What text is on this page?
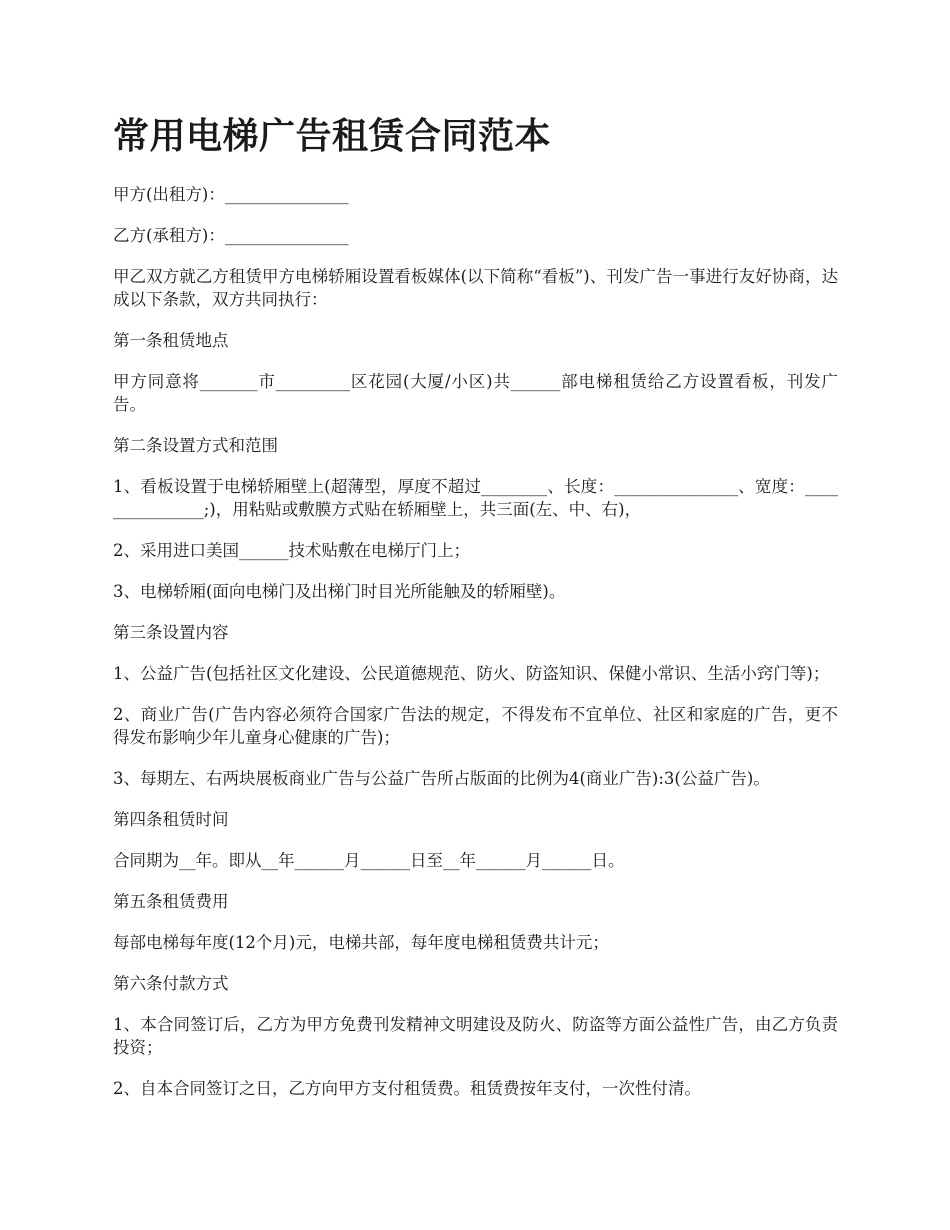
常用电梯广告租赁合同范本

甲方(出租方)：_______________

乙方(承租方)：_______________

甲乙双方就乙方租赁甲方电梯轿厢设置看板媒体(以下简称“看板”)、刊发广告一事进行友好协商，达成以下条款，双方共同执行：

第一条租赁地点

甲方同意将_______市_________区花园(大厦/小区)共______部电梯租赁给乙方设置看板，刊发广告。

第二条设置方式和范围

1、看板设置于电梯轿厢壁上(超薄型，厚度不超过________、长度：_______________、宽度：_______________;)，用粘贴或敷膜方式贴在轿厢壁上，共三面(左、中、右)，

2、采用进口美国______技术贴敷在电梯厅门上；

3、电梯轿厢(面向电梯门及出梯门时目光所能触及的轿厢壁)。

第三条设置内容

1、公益广告(包括社区文化建设、公民道德规范、防火、防盗知识、保健小常识、生活小窍门等)；

2、商业广告(广告内容必须符合国家广告法的规定，不得发布不宜单位、社区和家庭的广告，更不得发布影响少年儿童身心健康的广告)；

3、每期左、右两块展板商业广告与公益广告所占版面的比例为4(商业广告):3(公益广告)。

第四条租赁时间

合同期为__年。即从__年______月______日至__年______月______日。

第五条租赁费用

每部电梯每年度(12个月)元，电梯共部，每年度电梯租赁费共计元；

第六条付款方式

1、本合同签订后，乙方为甲方免费刊发精神文明建设及防火、防盗等方面公益性广告，由乙方负责投资；

2、自本合同签订之日，乙方向甲方支付租赁费。租赁费按年支付，一次性付清。
